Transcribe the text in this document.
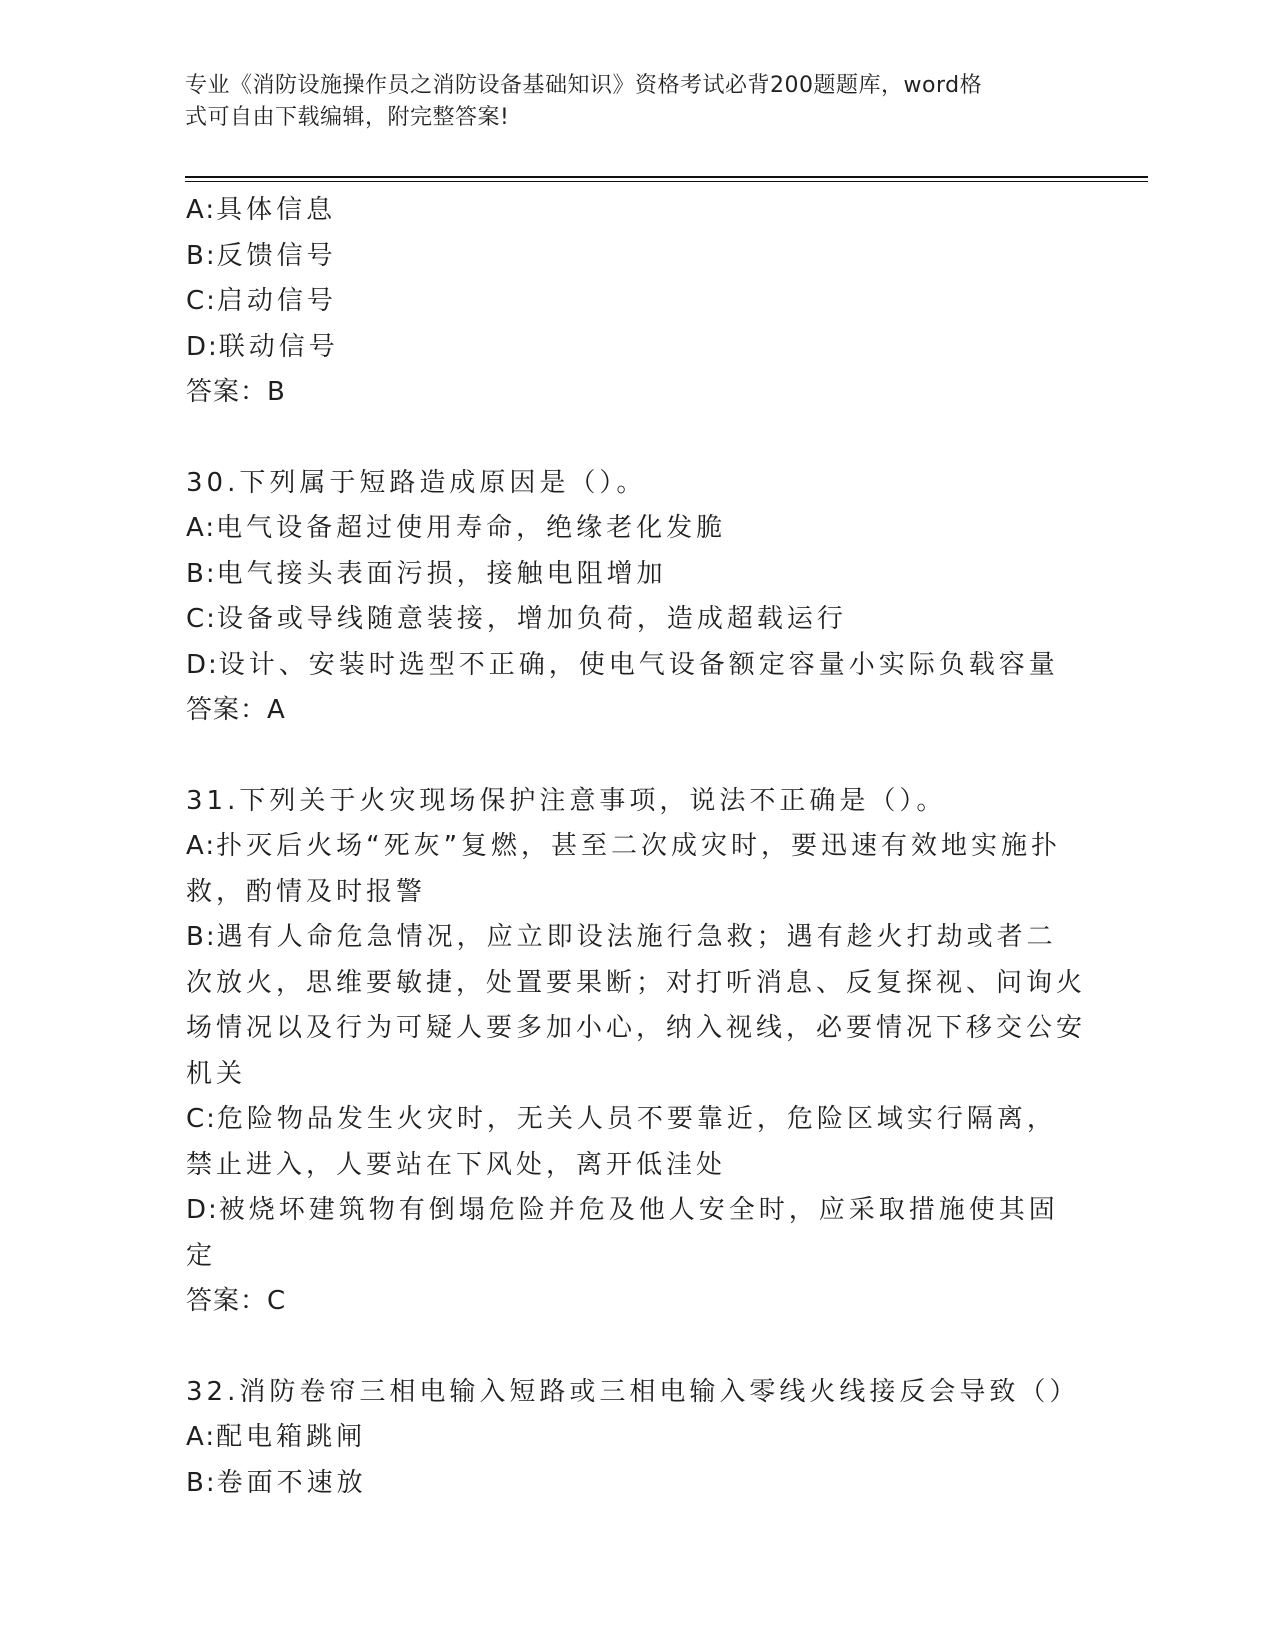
专业《消防设施操作员之消防设备基础知识》资格考试必背200题题库，word格
式可自由下载编辑，附完整答案!

A:具体信息

B:反馈信号

C:启动信号

D:联动信号

答案：B

30.下列属于短路造成原因是（）。

A:电气设备超过使用寿命，绝缘老化发脆

B:电气接头表面污损，接触电阻增加

C:设备或导线随意装接，增加负荷，造成超载运行

D:设计、安装时选型不正确，使电气设备额定容量小实际负载容量

答案：A

31.下列关于火灾现场保护注意事项，说法不正确是（）。

A:扑灭后火场“死灰”复燃，甚至二次成灾时，要迅速有效地实施扑救，酌情及时报警

B:遇有人命危急情况，应立即设法施行急救；遇有趁火打劫或者二次放火，思维要敏捷，处置要果断；对打听消息、反复探视、问询火场情况以及行为可疑人要多加小心，纳入视线，必要情况下移交公安机关

C:危险物品发生火灾时，无关人员不要靠近，危险区域实行隔离，禁止进入，人要站在下风处，离开低洼处

D:被烧坏建筑物有倒塌危险并危及他人安全时，应采取措施使其固定

答案：C

32.消防卷帘三相电输入短路或三相电输入零线火线接反会导致（）

A:配电箱跳闸

B:卷面不速放
